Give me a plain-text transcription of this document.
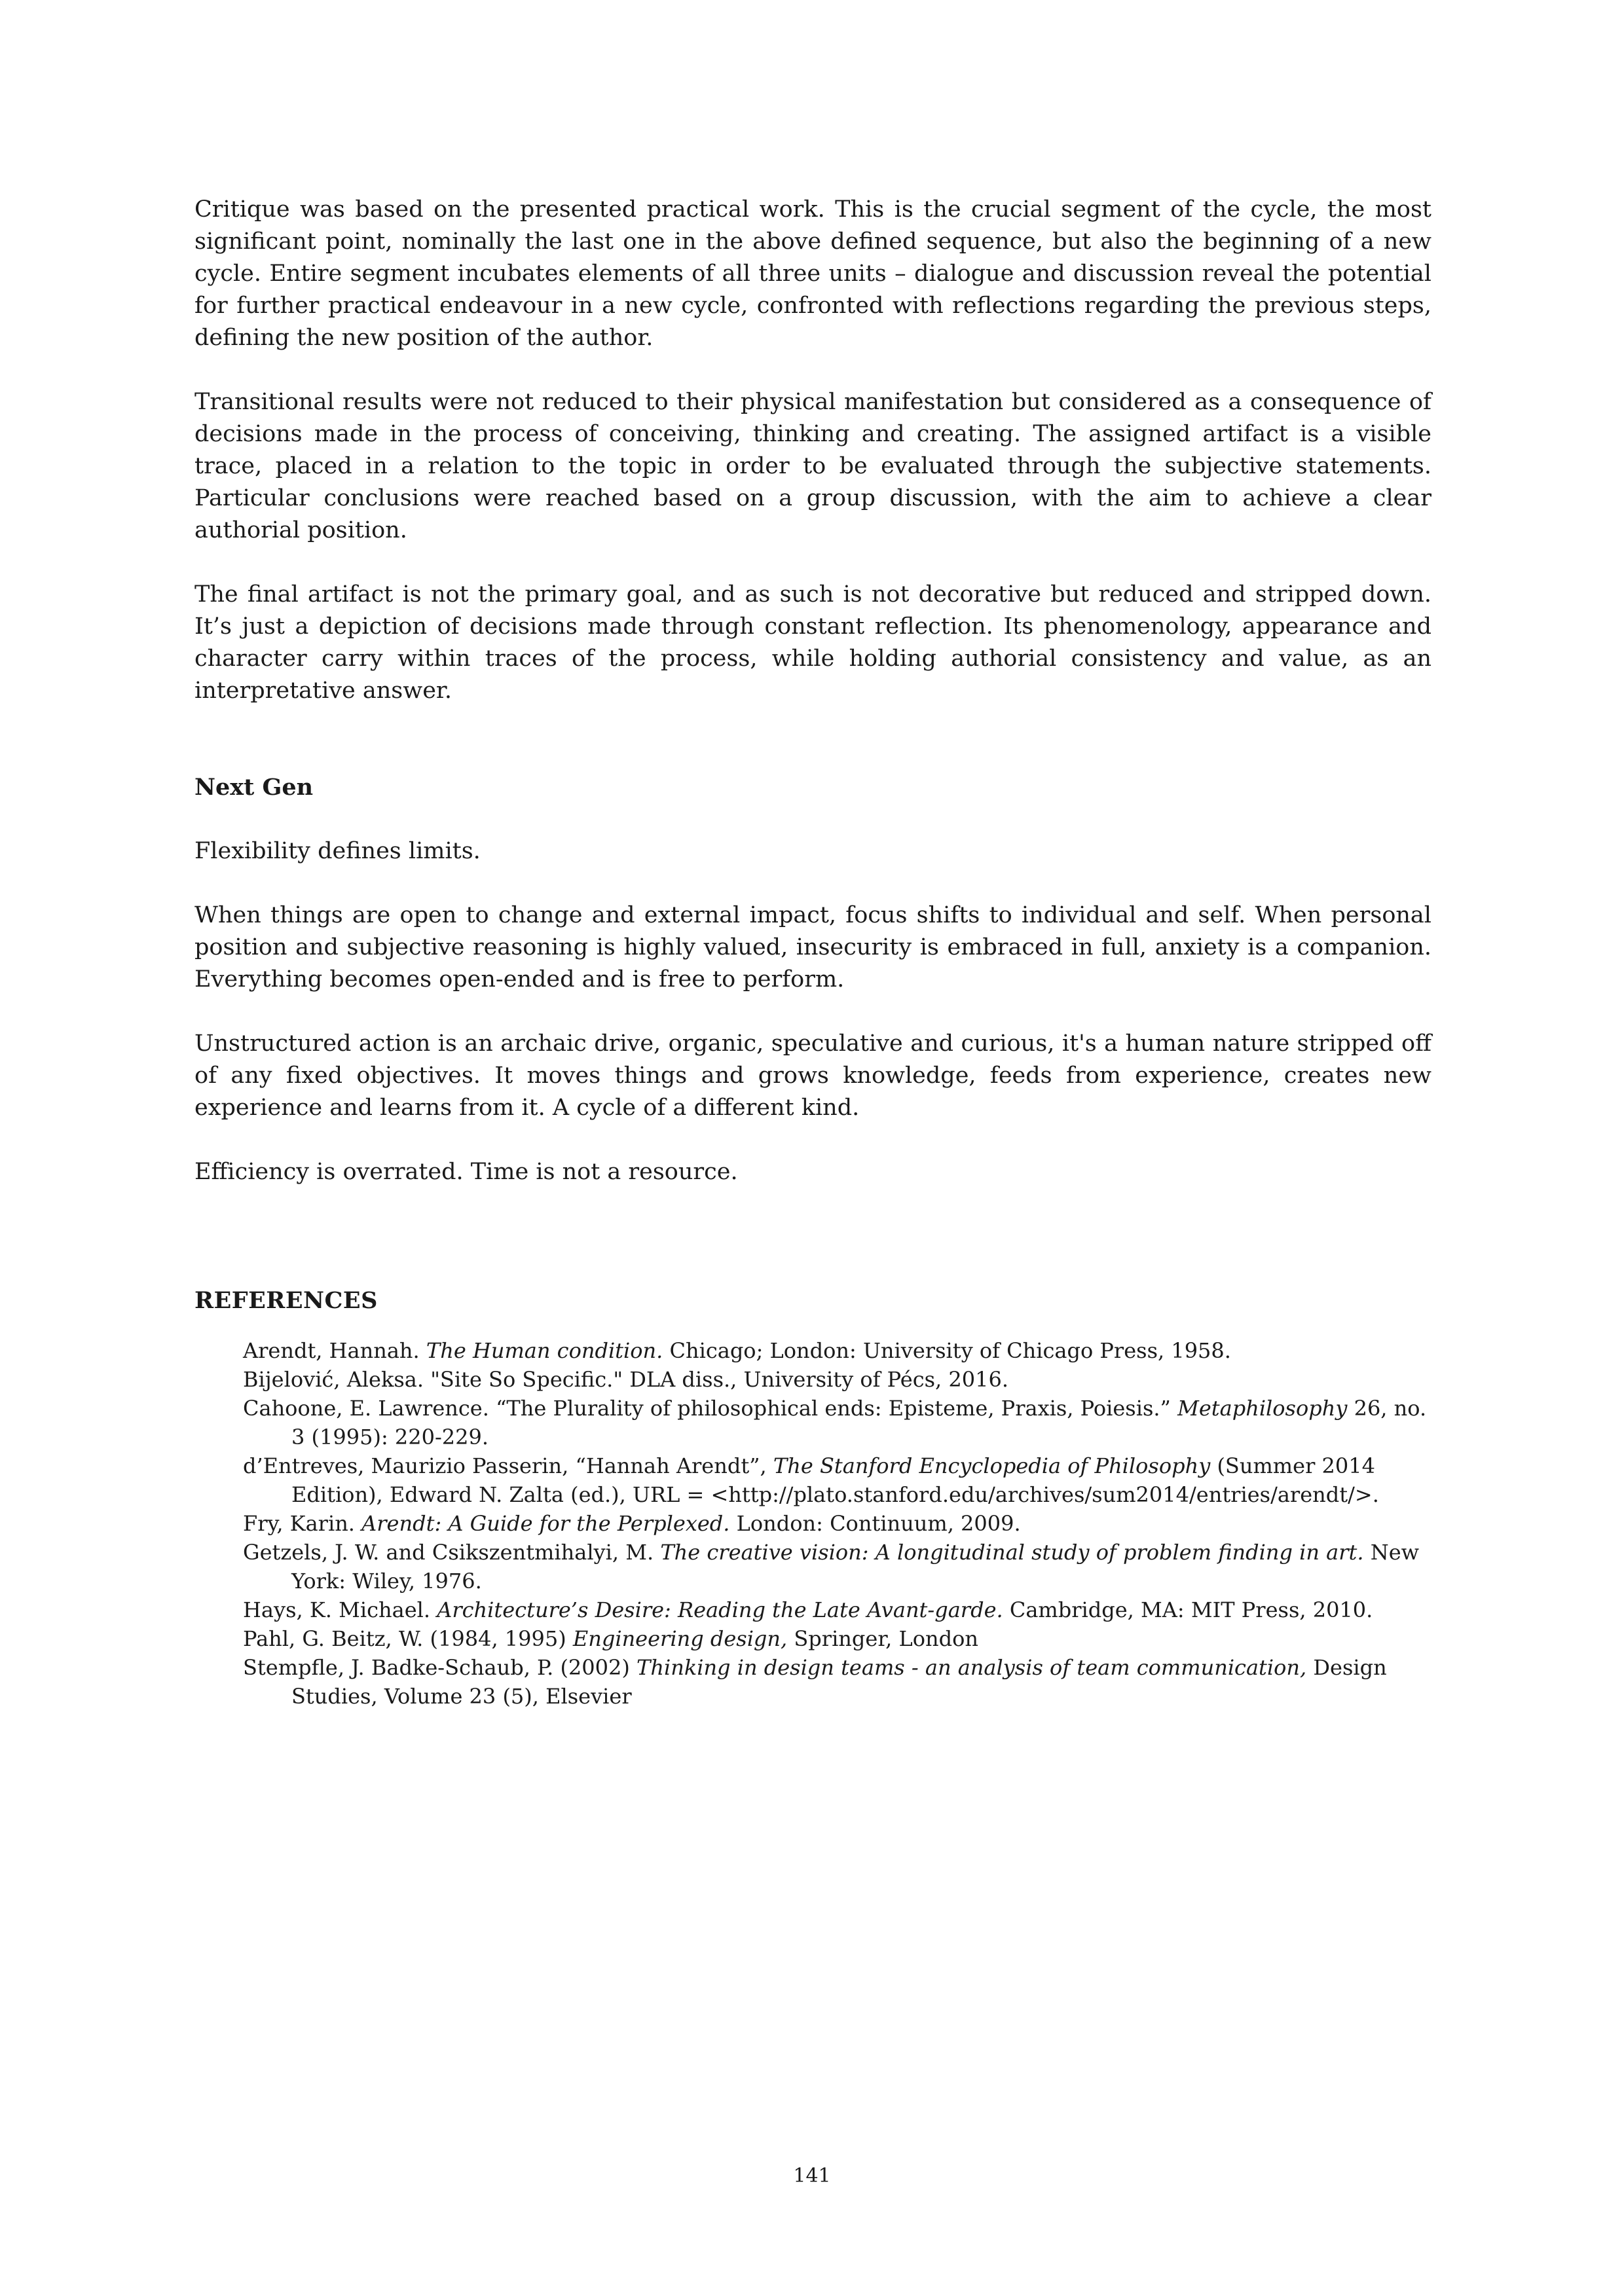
Critique was based on the presented practical work. This is the crucial segment of the cycle, the most significant point, nominally the last one in the above defined sequence, but also the beginning of a new cycle. Entire segment incubates elements of all three units – dialogue and discussion reveal the potential for further practical endeavour in a new cycle, confronted with reflections regarding the previous steps, defining the new position of the author.

Transitional results were not reduced to their physical manifestation but considered as a consequence of decisions made in the process of conceiving, thinking and creating. The assigned artifact is a visible trace, placed in a relation to the topic in order to be evaluated through the subjective statements. Particular conclusions were reached based on a group discussion, with the aim to achieve a clear authorial position.

The final artifact is not the primary goal, and as such is not decorative but reduced and stripped down. It’s just a depiction of decisions made through constant reflection. Its phenomenology, appearance and character carry within traces of the process, while holding authorial consistency and value, as an interpretative answer.

Next Gen

Flexibility defines limits.

When things are open to change and external impact, focus shifts to individual and self. When personal position and subjective reasoning is highly valued, insecurity is embraced in full, anxiety is a companion. Everything becomes open-ended and is free to perform.

Unstructured action is an archaic drive, organic, speculative and curious, it's a human nature stripped off of any fixed objectives. It moves things and grows knowledge, feeds from experience, creates new experience and learns from it. A cycle of a different kind.

Efficiency is overrated. Time is not a resource.

REFERENCES

Arendt, Hannah. The Human condition. Chicago; London: University of Chicago Press, 1958.

Bijelović, Aleksa. "Site So Specific." DLA diss., University of Pécs, 2016.

Cahoone, E. Lawrence. “The Plurality of philosophical ends: Episteme, Praxis, Poiesis.” Metaphilosophy 26, no. 3 (1995): 220-229.

d’Entreves, Maurizio Passerin, “Hannah Arendt”, The Stanford Encyclopedia of Philosophy (Summer 2014 Edition), Edward N. Zalta (ed.), URL = <http://plato.stanford.edu/archives/sum2014/entries/arendt/>.

Fry, Karin. Arendt: A Guide for the Perplexed. London: Continuum, 2009.

Getzels, J. W. and Csikszentmihalyi, M. The creative vision: A longitudinal study of problem finding in art. New York: Wiley, 1976.

Hays, K. Michael. Architecture’s Desire: Reading the Late Avant-garde. Cambridge, MA: MIT Press, 2010.

Pahl, G. Beitz, W. (1984, 1995) Engineering design, Springer, London

Stempfle, J. Badke-Schaub, P. (2002) Thinking in design teams - an analysis of team communication, Design Studies, Volume 23 (5), Elsevier

141
